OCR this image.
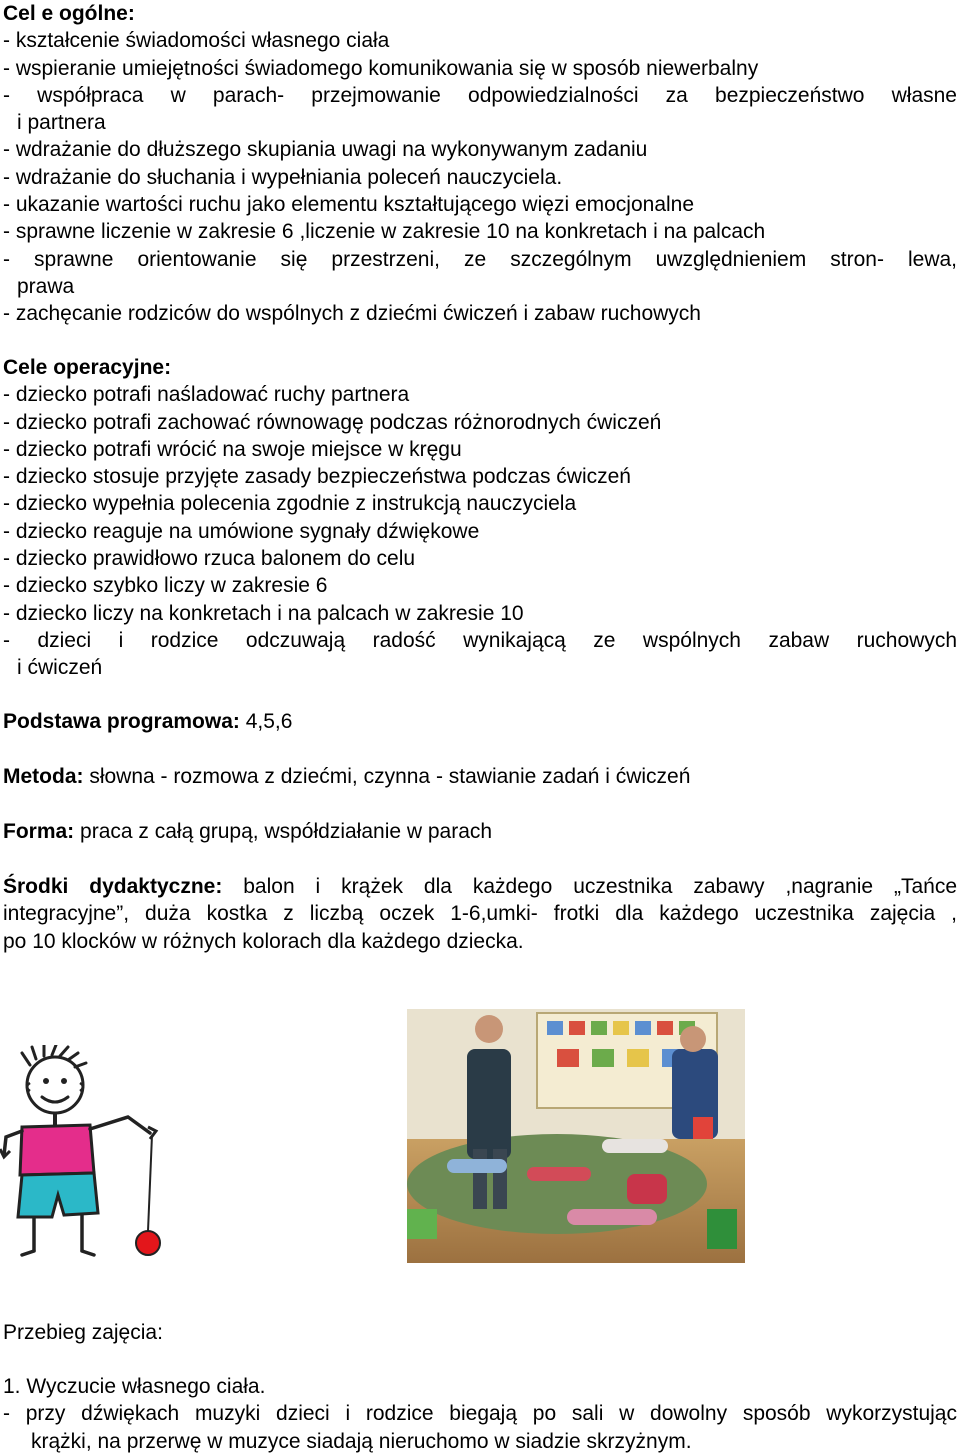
Cel e ogólne:
- kształcenie świadomości własnego ciała
- wspieranie umiejętności świadomego komunikowania się w sposób niewerbalny
- współpraca w parach- przejmowanie odpowiedzialności za bezpieczeństwo własne
i partnera
- wdrażanie do dłuższego skupiania uwagi na wykonywanym zadaniu
- wdrażanie do słuchania i wypełniania poleceń nauczyciela.
- ukazanie wartości ruchu jako elementu kształtującego więzi emocjonalne
- sprawne liczenie w zakresie 6 ,liczenie w zakresie 10 na konkretach i na palcach
- sprawne orientowanie się przestrzeni, ze szczególnym uwzględnieniem stron- lewa,
prawa
- zachęcanie rodziców do wspólnych z dziećmi ćwiczeń i zabaw ruchowych
Cele operacyjne:
- dziecko potrafi naśladować ruchy partnera
- dziecko potrafi zachować równowagę podczas różnorodnych ćwiczeń
- dziecko potrafi wrócić na swoje miejsce w kręgu
- dziecko stosuje przyjęte zasady bezpieczeństwa podczas ćwiczeń
- dziecko wypełnia polecenia zgodnie z instrukcją nauczyciela
- dziecko reaguje na umówione sygnały dźwiękowe
- dziecko prawidłowo rzuca balonem do celu
- dziecko szybko liczy w zakresie 6
- dziecko liczy na konkretach i na palcach w zakresie 10
- dzieci i rodzice odczuwają radość wynikającą ze wspólnych zabaw ruchowych
i ćwiczeń
Podstawa programowa: 4,5,6
Metoda: słowna - rozmowa z dziećmi, czynna - stawianie zadań i ćwiczeń
Forma: praca z całą grupą, współdziałanie w parach
Środki dydaktyczne: balon i krążek dla każdego uczestnika zabawy ,nagranie „Tańce
integracyjne”, duża kostka z liczbą oczek 1-6,umki- frotki dla każdego uczestnika zajęcia ,
po 10 klocków w różnych kolorach dla każdego dziecka.
Przebieg zajęcia:
1. Wyczucie własnego ciała.
- przy dźwiękach muzyki dzieci i rodzice biegają po sali w dowolny sposób wykorzystując
krążki, na przerwę w muzyce siadają nieruchomo w siadzie skrzyżnym.
